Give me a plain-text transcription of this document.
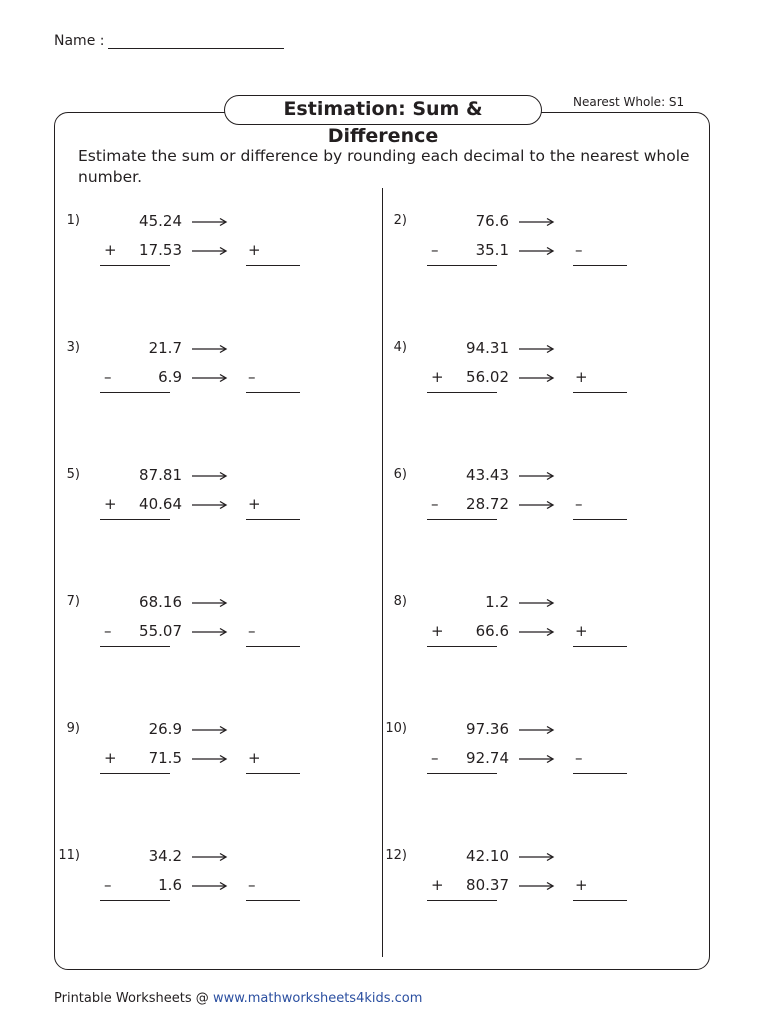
Name :
Estimation: Sum & Difference
Nearest Whole: S1
Estimate the sum or difference by rounding each decimal to the nearest whole number.
1)	45.24
+	17.53	+
2)	76.6
–	35.1	–
3)	21.7
–	6.9	–
4)	94.31
+	56.02	+
5)	87.81
+	40.64	+
6)	43.43
–	28.72	–
7)	68.16
–	55.07	–
8)	1.2
+	66.6	+
9)	26.9
+	71.5	+
10)	97.36
–	92.74	–
11)	34.2
–	1.6	–
12)	42.10
+	80.37	+
Printable Worksheets @ www.mathworksheets4kids.com
